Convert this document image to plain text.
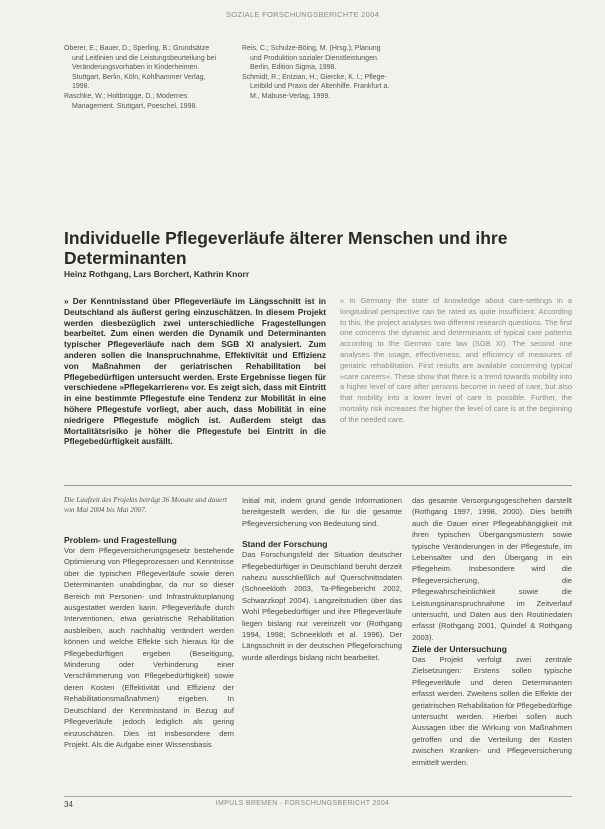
SOZIALE FORSCHUNGSBERICHTE 2004

Oberer, E.; Bauer, D.; Sperling, B.; Grundsätze und Leitlinien und die Leistungsbeurteilung bei Veränderungsvorhaben in Kinderheimen. Stuttgart, Berlin, Köln, Kohlhammer Verlag, 1998.

Raschke, W.; Holtbrügge, D.; Modernes Management. Stuttgart, Poeschel, 1998.

Reis, C.; Schulze-Böing, M. (Hrsg.); Planung und Produktion sozialer Dienstleistungen. Berlin, Edition Sigma, 1998.

Schmidt, R.; Entzian, H.; Giercke, K. I.; Pflege-Leitbild und Praxis der Altenhilfe. Frankfurt a. M., Mabuse-Verlag, 1999.

Individuelle Pflegeverläufe älterer Menschen und ihre Determinanten
Heinz Rothgang, Lars Borchert, Kathrin Knorr

» Der Kenntnisstand über Pflegeverläufe im Längsschnitt ist in Deutschland als äußerst gering einzuschätzen. In diesem Projekt werden diesbezüglich zwei unterschiedliche Fragestellungen bearbeitet. Zum einen werden die Dynamik und Determinanten typischer Pflegeverläufe nach dem SGB XI analysiert. Zum anderen sollen die Inanspruchnahme, Effektivität und Effizienz von Maßnahmen der geriatrischen Rehabilitation bei Pflegebedürftigen untersucht werden. Erste Ergebnisse liegen für verschiedene »Pflegekarrieren« vor. Es zeigt sich, dass mit Eintritt in eine bestimmte Pflegestufe eine Tendenz zur Mobilität in eine höhere Pflegestufe vorliegt, aber auch, dass Mobilität in eine niedrigere Pflegestufe möglich ist. Außerdem steigt das Mortalitätsrisiko je höher die Pflegestufe bei Eintritt in die Pflegebedürftigkeit ausfällt.

» In Germany the state of knowledge about care-settings in a longitudinal perspective can be rated as quite insufficient. According to this, the project analyses two different research questions. The first one concerns the dynamic and determinants of typical care patterns according to the German care law (SGB XI). The second one analyses the usage, effectiveness, and efficiency of measures of geriatric rehabilitation. First results are available concerning typical »care careers«. These show that there is a trend towards mobility into a higher level of care after persons become in need of care, but also that mobility into a lower level of care is possible. Further, the mortality risk increases the higher the level of care is at the beginning of the needed care.

Die Laufzeit des Projekts beträgt 36 Monate und dauert von Mai 2004 bis Mai 2007.

Problem- und Fragestellung

Vor dem Pflegeversicherungsgesetz bestehende Optimierung von Pflegeprozessen und Kenntnisse über die typischen Pflegeverläufe sowie deren Determinanten unabdingbar, da nur so dieser Bereich mit Personen- und Infrastrukturplanung ausgestattet werden kann. Pflegeverläufe durch Interventionen, etwa geriatrische Rehabilitation ausbleiben, auch nachhaltig verändert werden können und welche Effekte sich hieraus für die Pflegebedürftigen ergeben (Beseitigung, Minderung oder Verhinderung einer Verschlimmerung von Pflegebedürftigkeit) sowie deren Kosten (Effektivität und Effizienz der Rehabilitationsmaßnahmen) ergeben. In Deutschland der Kenntnisstand in Bezug auf Pflegeverläufe jedoch lediglich als gering einzuschätzen. Dies ist insbesondere dem Projekt. Als die Aufgabe einer Wissensbasis

Initial mit, indem grund gende Informationen bereitgestellt werden, die für die gesamte Pflegeversicherung von Bedeutung sind.

Stand der Forschung

Das Forschungsfeld der Situation deutscher Pflegebedürftiger in Deutschland beruht derzeit nahezu ausschließlich auf Querschnittsdaten (Schneekloth 2003, Ta-Pflegebericht 2002, Schwarzkopf 2004). Langzeitstudien über das Wohl Pflegebedürftiger und ihre Pflegeverläufe liegen bislang nur vereinzelt vor (Rothgang 1994, 1998; Schneekloth et al. 1996). Der Längsschnitt in der deutschen Pflegeforschung wurde allerdings bislang nicht bearbeitet.

das gesamte Versorgungsgeschehen darstellt (Rothgang 1997, 1998, 2000). Dies betrifft auch die Dauer einer Pflegeabhängigkeit mit ihren typischen Übergangsmustern sowie typische Veränderungen in der Pflegestufe, im Lebensalter und den Übergang in ein Pflegeheim. Insbesondere wird die Pflegeversicherung, die Pflegewahrscheinlichkeit sowie die Leistungsinanspruchnahme im Zeitverlauf untersucht, und Daten aus den Routinedaten erfasst (Rothgang 2001, Quindel & Rothgang 2003).

Ziele der Untersuchung

Das Projekt verfolgt zwei zentrale Zielsetzungen: Erstens sollen typische Pflegeverläufe und deren Determinanten erfasst werden. Zweitens sollen die Effekte der geriatrischen Rehabilitation für Pflegebedürftige untersucht werden. Hierbei sollen auch Aussagen über die Wirkung von Maßnahmen getroffen und die Verteilung der Kosten zwischen Kranken- und Pflegeversicherung ermittelt werden.

34	IMPULS BREMEN · FORSCHUNGSBERICHT 2004
